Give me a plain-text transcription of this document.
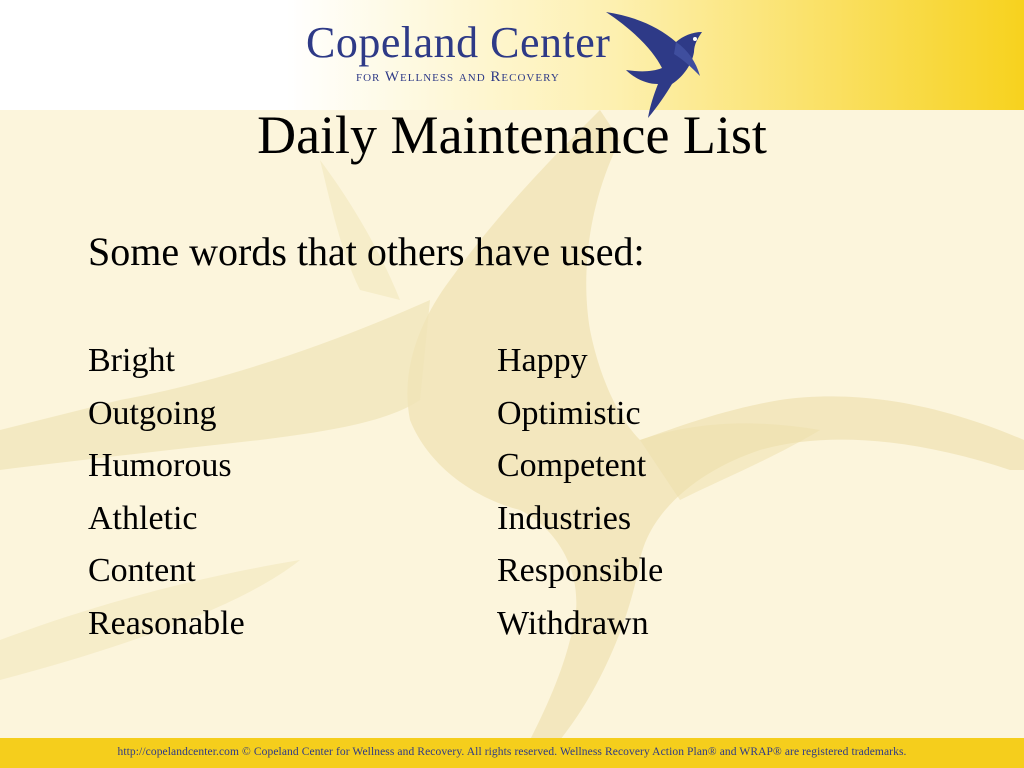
Copeland Center
for Wellness and Recovery
Daily Maintenance List
Some words that others have used:
Bright
Outgoing
Humorous
Athletic
Content
Reasonable
Happy
Optimistic
Competent
Industries
Responsible
Withdrawn
http://copelandcenter.com © Copeland Center for Wellness and Recovery. All rights reserved. Wellness Recovery Action Plan® and WRAP® are registered trademarks.
